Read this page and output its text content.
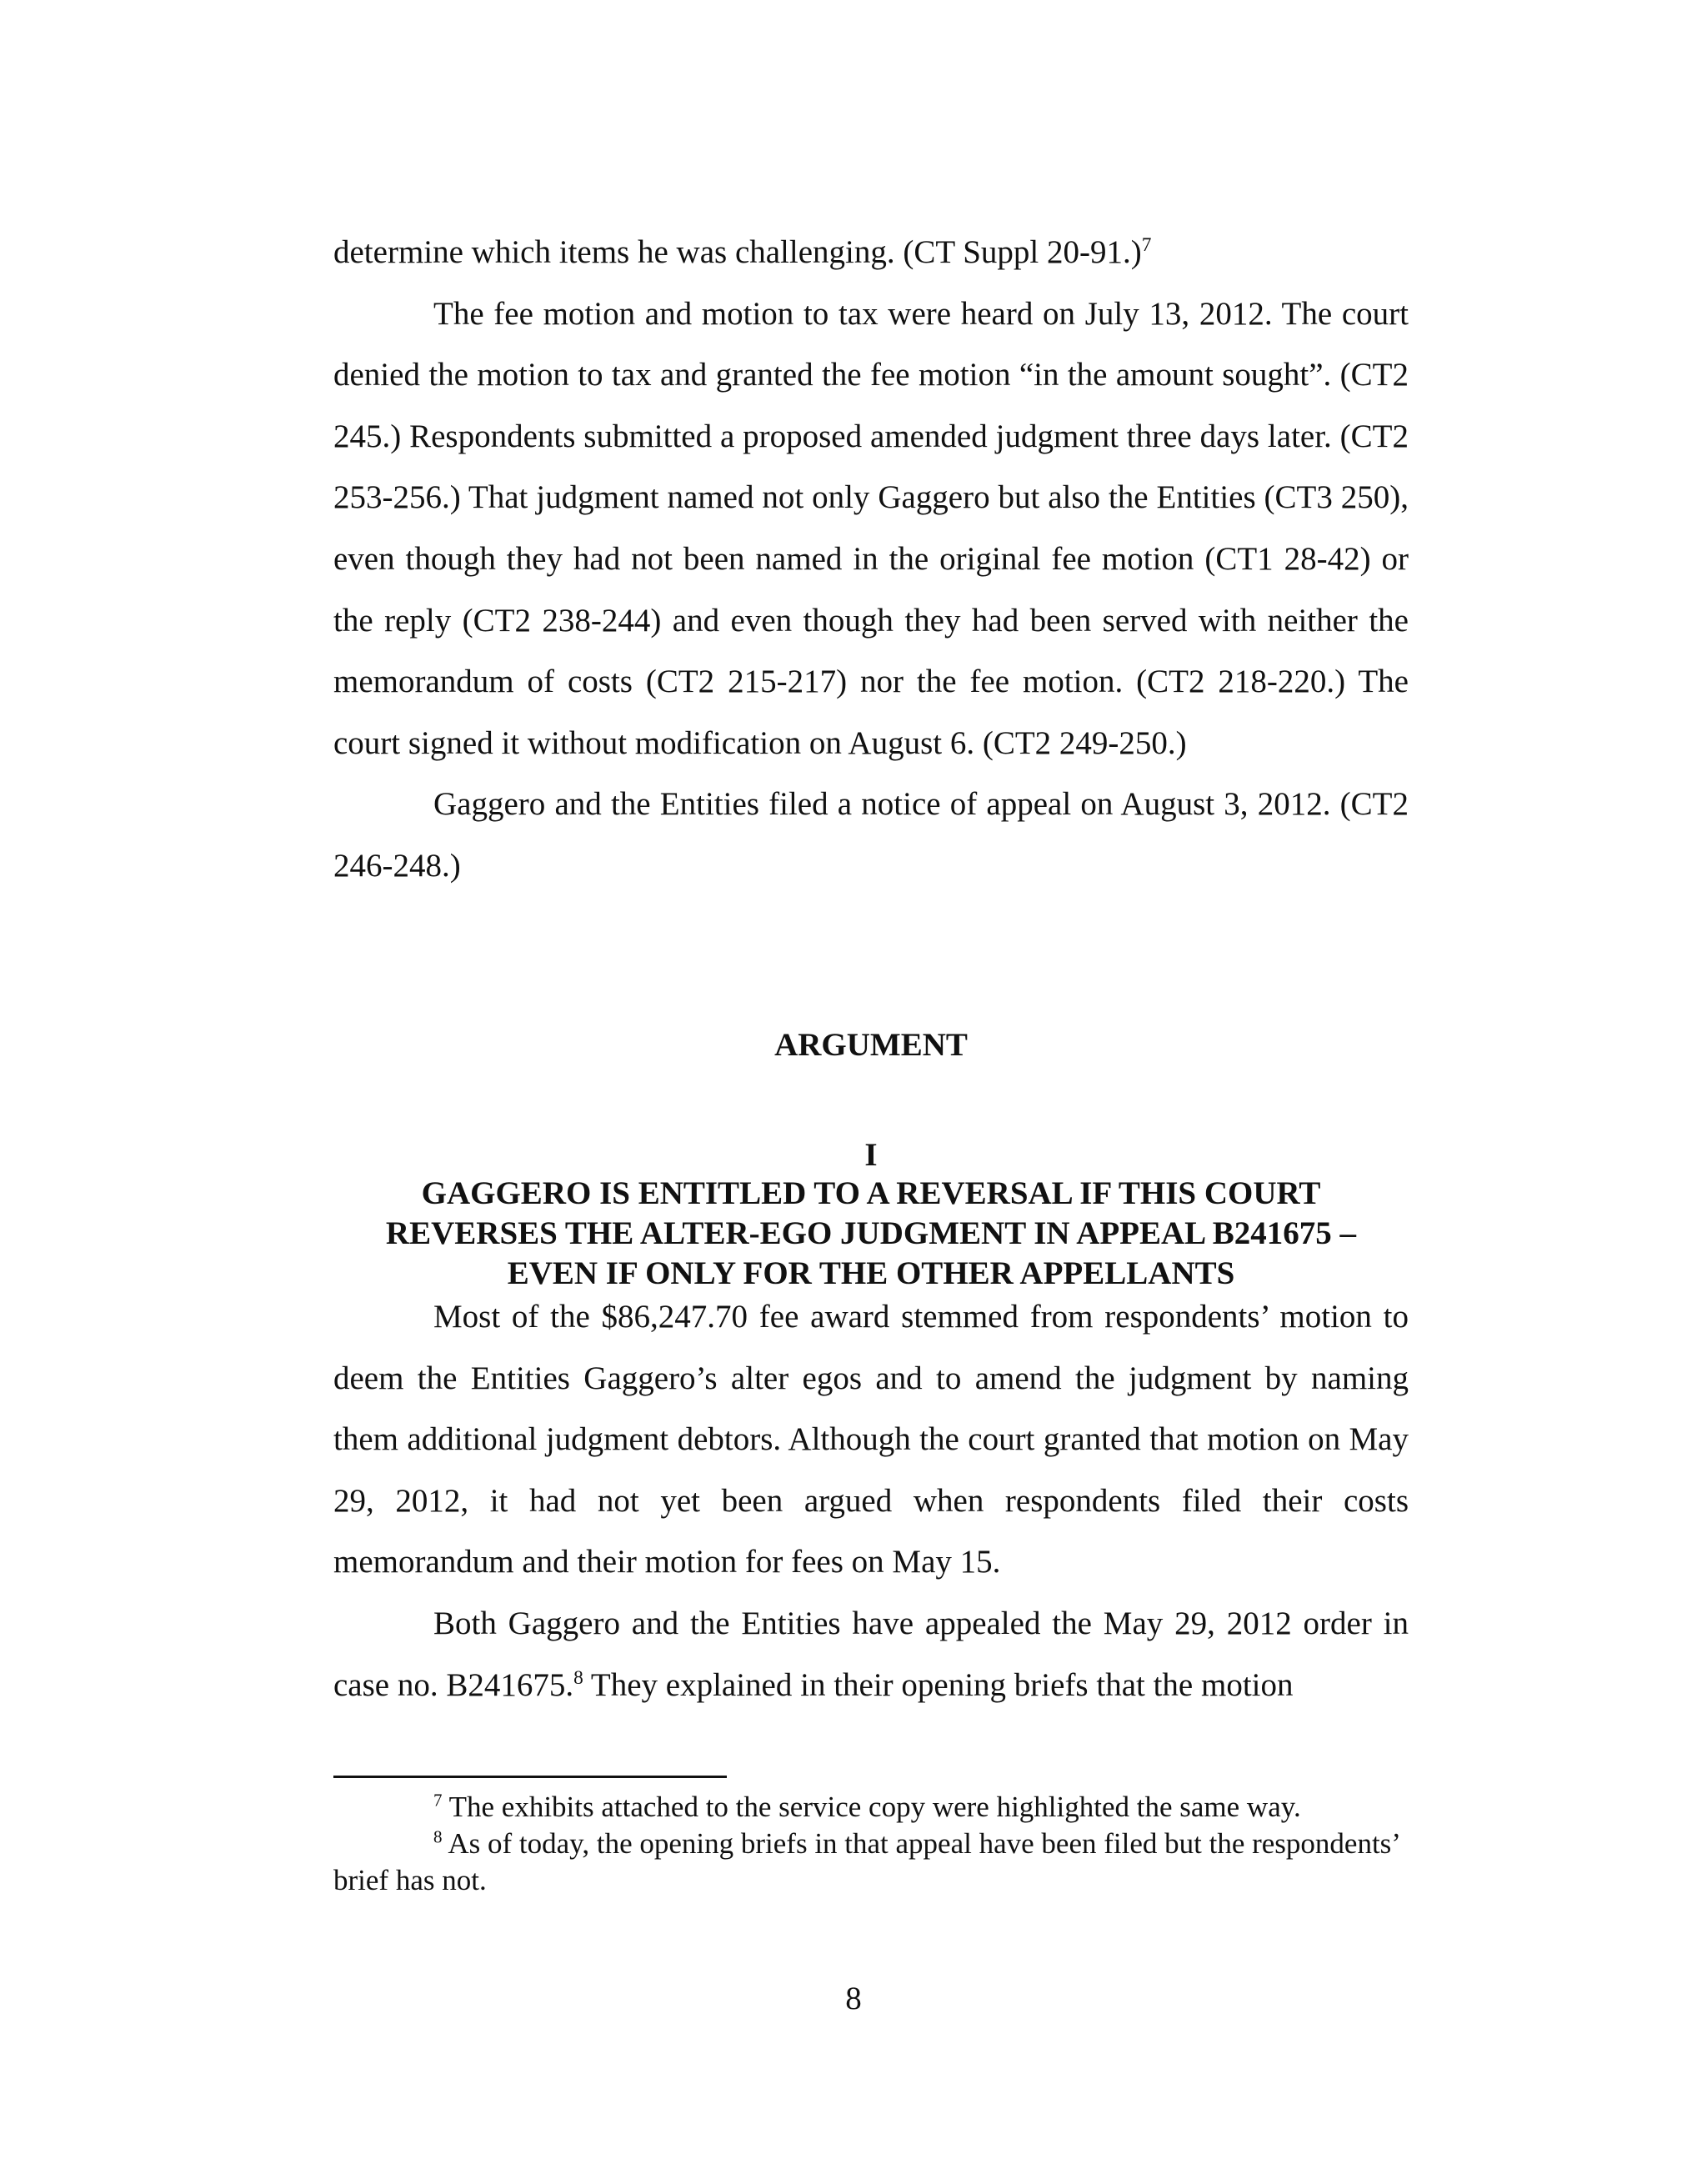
determine which items he was challenging. (CT Suppl 20-91.)$^7$

The fee motion and motion to tax were heard on July 13, 2012. The court denied the motion to tax and granted the fee motion “in the amount sought”. (CT2 245.) Respondents submitted a proposed amended judgment three days later. (CT2 253-256.) That judgment named not only Gaggero but also the Entities (CT3 250), even though they had not been named in the original fee motion (CT1 28-42) or the reply (CT2 238-244) and even though they had been served with neither the memorandum of costs (CT2 215-217) nor the fee motion. (CT2 218-220.) The court signed it without modification on August 6. (CT2 249-250.)

Gaggero and the Entities filed a notice of appeal on August 3, 2012. (CT2 246-248.)

ARGUMENT
I
GAGGERO IS ENTITLED TO A REVERSAL IF THIS COURT
REVERSES THE ALTER-EGO JUDGMENT IN APPEAL B241675 –
EVEN IF ONLY FOR THE OTHER APPELLANTS

Most of the $86,247.70 fee award stemmed from respondents’ motion to deem the Entities Gaggero’s alter egos and to amend the judgment by naming them additional judgment debtors. Although the court granted that motion on May 29, 2012, it had not yet been argued when respondents filed their costs memorandum and their motion for fees on May 15.

Both Gaggero and the Entities have appealed the May 29, 2012 order in case no. B241675.$^8$ They explained in their opening briefs that the motion

$^7$ The exhibits attached to the service copy were highlighted the same way.

$^8$ As of today, the opening briefs in that appeal have been filed but the respondents’ brief has not.

8
